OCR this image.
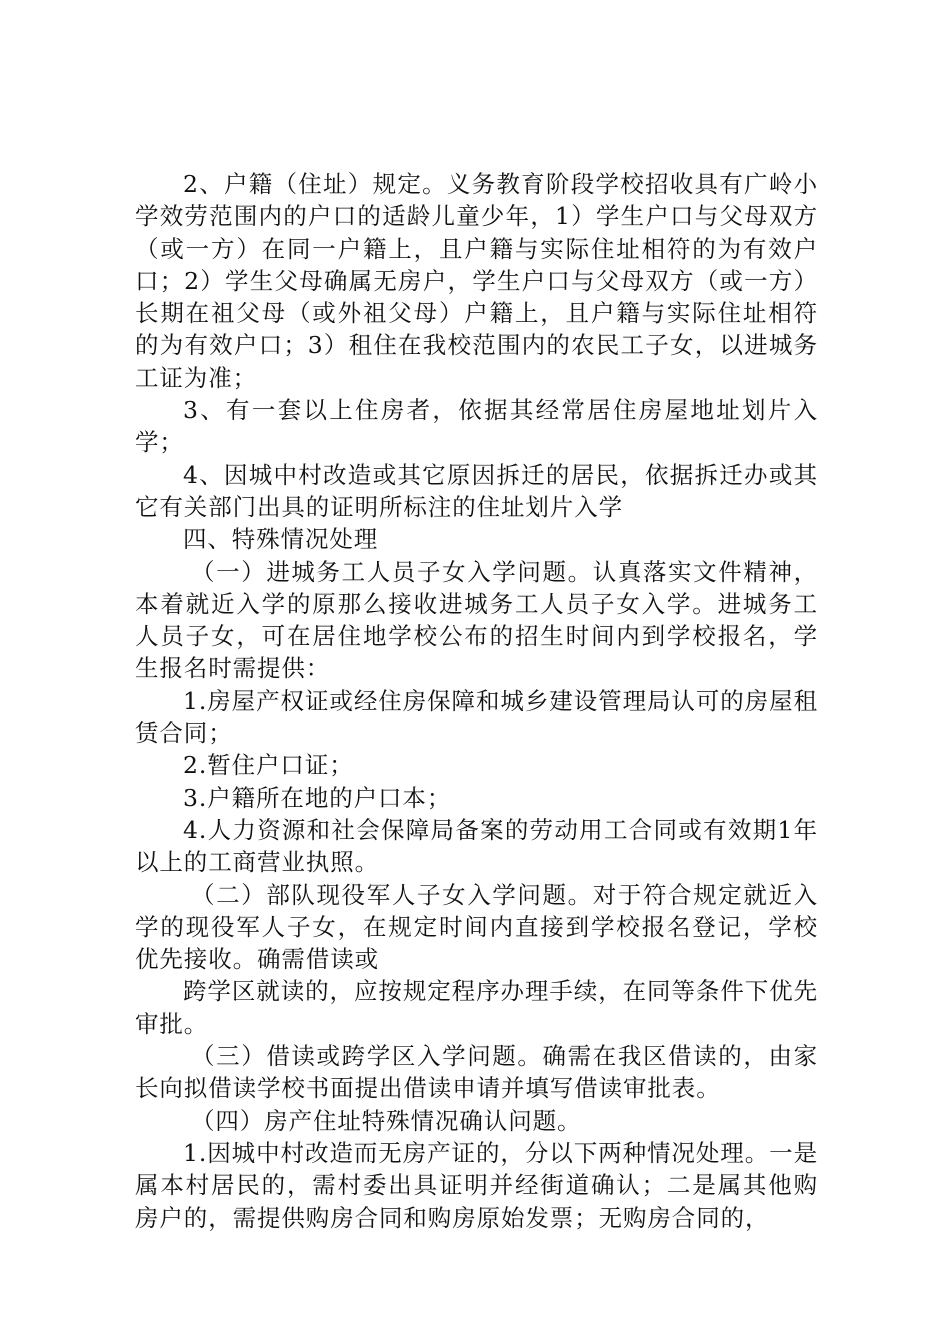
2、户籍（住址）规定。义务教育阶段学校招收具有广岭小学效劳范围内的户口的适龄儿童少年，1）学生户口与父母双方（或一方）在同一户籍上，且户籍与实际住址相符的为有效户口；2）学生父母确属无房户，学生户口与父母双方（或一方）长期在祖父母（或外祖父母）户籍上，且户籍与实际住址相符的为有效户口；3）租住在我校范围内的农民工子女，以进城务工证为准；

3、有一套以上住房者，依据其经常居住房屋地址划片入学；

4、因城中村改造或其它原因拆迁的居民，依据拆迁办或其它有关部门出具的证明所标注的住址划片入学

四、特殊情况处理

（一）进城务工人员子女入学问题。认真落实文件精神，本着就近入学的原那么接收进城务工人员子女入学。进城务工人员子女，可在居住地学校公布的招生时间内到学校报名，学生报名时需提供：

1.房屋产权证或经住房保障和城乡建设管理局认可的房屋租赁合同；

2.暂住户口证；

3.户籍所在地的户口本；

4.人力资源和社会保障局备案的劳动用工合同或有效期1年以上的工商营业执照。

（二）部队现役军人子女入学问题。对于符合规定就近入学的现役军人子女，在规定时间内直接到学校报名登记，学校优先接收。确需借读或

跨学区就读的，应按规定程序办理手续，在同等条件下优先审批。

（三）借读或跨学区入学问题。确需在我区借读的，由家长向拟借读学校书面提出借读申请并填写借读审批表。

（四）房产住址特殊情况确认问题。

1.因城中村改造而无房产证的，分以下两种情况处理。一是属本村居民的，需村委出具证明并经街道确认；二是属其他购房户的，需提供购房合同和购房原始发票；无购房合同的，
